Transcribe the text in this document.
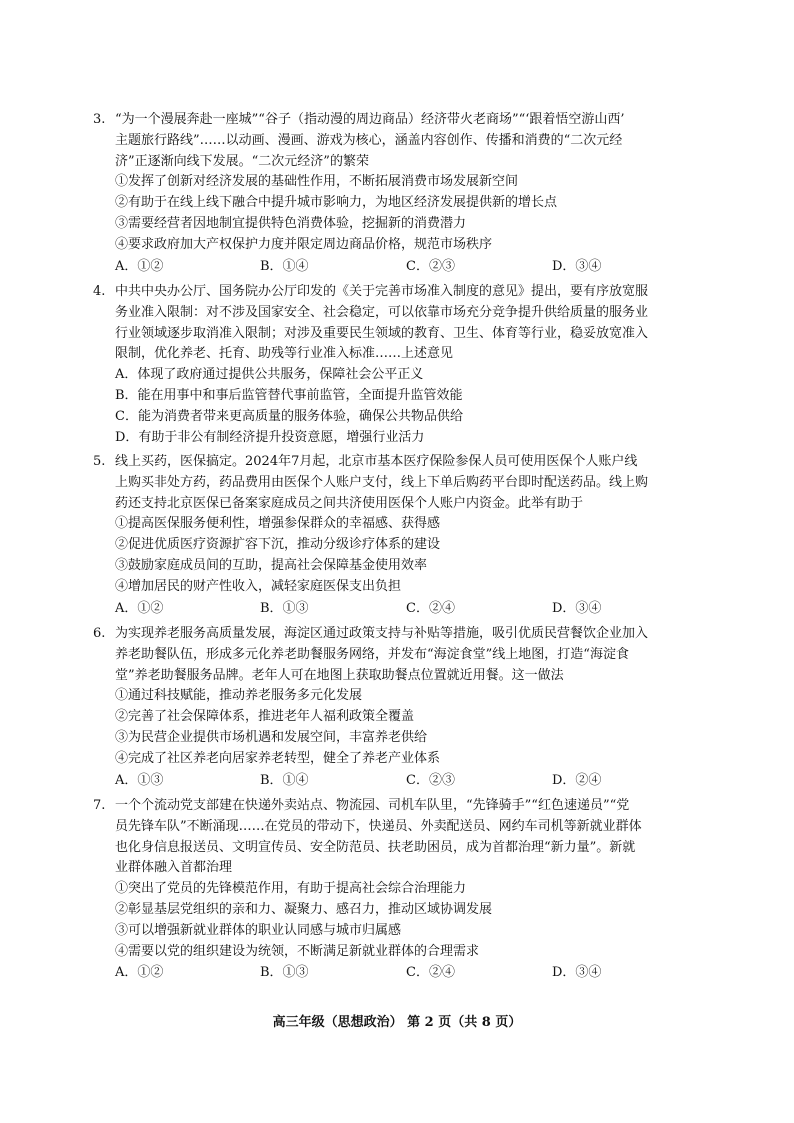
3. “为一个漫展奔赴一座城”“谷子（指动漫的周边商品）经济带火老商场”“‘跟着悟空游山西’
主题旅行路线”……以动画、漫画、游戏为核心，涵盖内容创作、传播和消费的“二次元经
济”正逐渐向线下发展。“二次元经济”的繁荣
①发挥了创新对经济发展的基础性作用，不断拓展消费市场发展新空间
②有助于在线上线下融合中提升城市影响力，为地区经济发展提供新的增长点
③需要经营者因地制宜提供特色消费体验，挖掘新的消费潜力
④要求政府加大产权保护力度并限定周边商品价格，规范市场秩序
A．①②	B．①④	C．②③	D．③④
4. 中共中央办公厅、国务院办公厅印发的《关于完善市场准入制度的意见》提出，要有序放宽服
务业准入限制：对不涉及国家安全、社会稳定，可以依靠市场充分竞争提升供给质量的服务业
行业领域逐步取消准入限制；对涉及重要民生领域的教育、卫生、体育等行业，稳妥放宽准入
限制，优化养老、托育、助残等行业准入标准……上述意见
A．体现了政府通过提供公共服务，保障社会公平正义
B．能在用事中和事后监管替代事前监管，全面提升监管效能
C．能为消费者带来更高质量的服务体验，确保公共物品供给
D．有助于非公有制经济提升投资意愿，增强行业活力
5. 线上买药，医保搞定。2024年7月起，北京市基本医疗保险参保人员可使用医保个人账户线
上购买非处方药，药品费用由医保个人账户支付，线上下单后购药平台即时配送药品。线上购
药还支持北京医保已备案家庭成员之间共济使用医保个人账户内资金。此举有助于
①提高医保服务便利性，增强参保群众的幸福感、获得感
②促进优质医疗资源扩容下沉，推动分级诊疗体系的建设
③鼓励家庭成员间的互助，提高社会保障基金使用效率
④增加居民的财产性收入，减轻家庭医保支出负担
A．①②	B．①③	C．②④	D．③④
6. 为实现养老服务高质量发展，海淀区通过政策支持与补贴等措施，吸引优质民营餐饮企业加入
养老助餐队伍，形成多元化养老助餐服务网络，并发布“海淀食堂”线上地图，打造“海淀食
堂”养老助餐服务品牌。老年人可在地图上获取助餐点位置就近用餐。这一做法
①通过科技赋能，推动养老服务多元化发展
②完善了社会保障体系，推进老年人福利政策全覆盖
③为民营企业提供市场机遇和发展空间，丰富养老供给
④完成了社区养老向居家养老转型，健全了养老产业体系
A．①③	B．①④	C．②③	D．②④
7. 一个个流动党支部建在快递外卖站点、物流园、司机车队里，“先锋骑手”“红色速递员”“党
员先锋车队”不断涌现……在党员的带动下，快递员、外卖配送员、网约车司机等新就业群体
也化身信息报送员、文明宣传员、安全防范员、扶老助困员，成为首都治理“新力量”。新就
业群体融入首都治理
①突出了党员的先锋模范作用，有助于提高社会综合治理能力
②彰显基层党组织的亲和力、凝聚力、感召力，推动区域协调发展
③可以增强新就业群体的职业认同感与城市归属感
④需要以党的组织建设为统领，不断满足新就业群体的合理需求
A．①②	B．①③	C．②④	D．③④
高三年级（思想政治） 第 2 页（共 8 页）
